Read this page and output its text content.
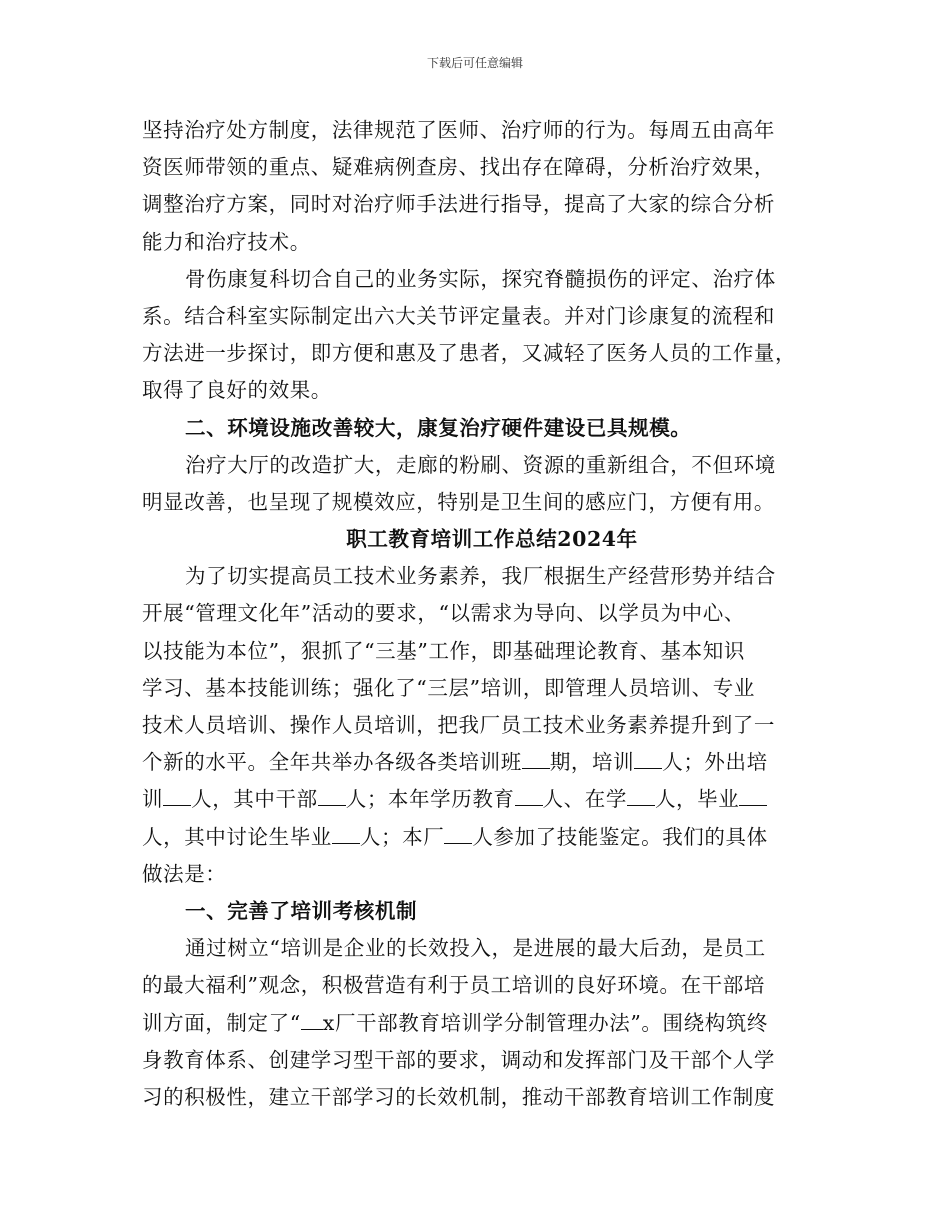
下载后可任意编辑
坚持治疗处方制度，法律规范了医师、治疗师的行为。每周五由高年
资医师带领的重点、疑难病例查房、找出存在障碍，分析治疗效果，
调整治疗方案，同时对治疗师手法进行指导，提高了大家的综合分析
能力和治疗技术。
骨伤康复科切合自己的业务实际，探究脊髓损伤的评定、治疗体
系。结合科室实际制定出六大关节评定量表。并对门诊康复的流程和
方法进一步探讨，即方便和惠及了患者，又减轻了医务人员的工作量，
取得了良好的效果。
二、环境设施改善较大，康复治疗硬件建设已具规模。
治疗大厅的改造扩大，走廊的粉刷、资源的重新组合，不但环境
明显改善，也呈现了规模效应，特别是卫生间的感应门，方便有用。
职工教育培训工作总结2024年
为了切实提高员工技术业务素养，我厂根据生产经营形势并结合
开展“管理文化年”活动的要求，“以需求为导向、以学员为中心、
以技能为本位”，狠抓了“三基”工作，即基础理论教育、基本知识
学习、基本技能训练；强化了“三层”培训，即管理人员培训、专业
技术人员培训、操作人员培训，把我厂员工技术业务素养提升到了一
个新的水平。全年共举办各级各类培训班 期，培训 人；外出培
训 人，其中干部 人；本年学历教育 人、在学 人，毕业
人，其中讨论生毕业 人；本厂 人参加了技能鉴定。我们的具体
做法是：
一、完善了培训考核机制
通过树立“培训是企业的长效投入，是进展的最大后劲，是员工
的最大福利”观念，积极营造有利于员工培训的良好环境。在干部培
训方面，制定了“ x厂干部教育培训学分制管理办法”。围绕构筑终
身教育体系、创建学习型干部的要求，调动和发挥部门及干部个人学
习的积极性，建立干部学习的长效机制，推动干部教育培训工作制度
